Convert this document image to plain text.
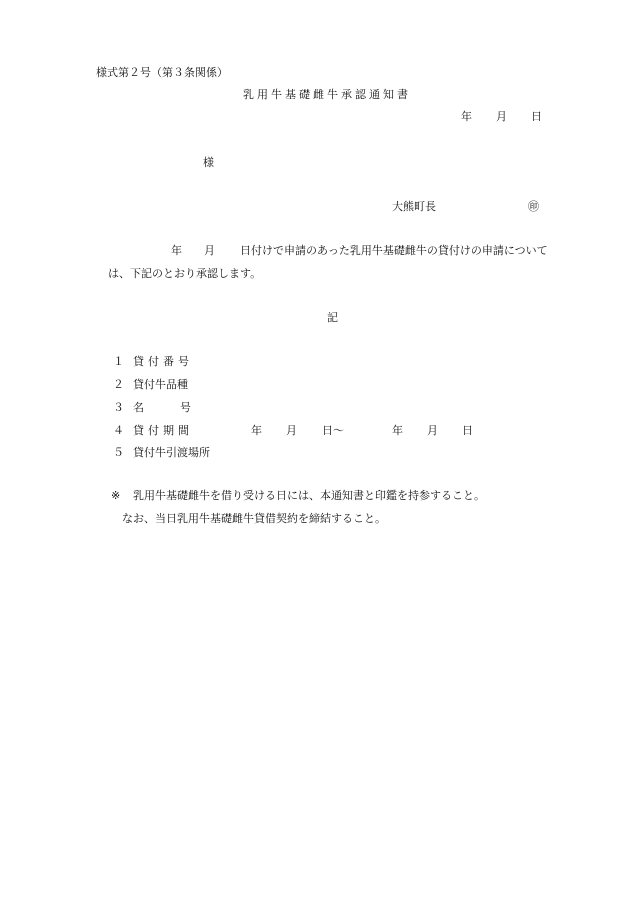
様式第２号（第３条関係）
乳用牛基礎雌牛承認通知書
年 月 日
様
大熊町長	㊞
年 月 日付けで申請のあった乳用牛基礎雌牛の貸付けの申請について
は、下記のとおり承認します。
記
１ 貸付番号
２ 貸付牛品種
３ 名	号
４ 貸付期間	年 月 日～	年 月 日
５ 貸付牛引渡場所
※ 乳用牛基礎雌牛を借り受ける日には、本通知書と印鑑を持参すること。
なお、当日乳用牛基礎雌牛貸借契約を締結すること。
